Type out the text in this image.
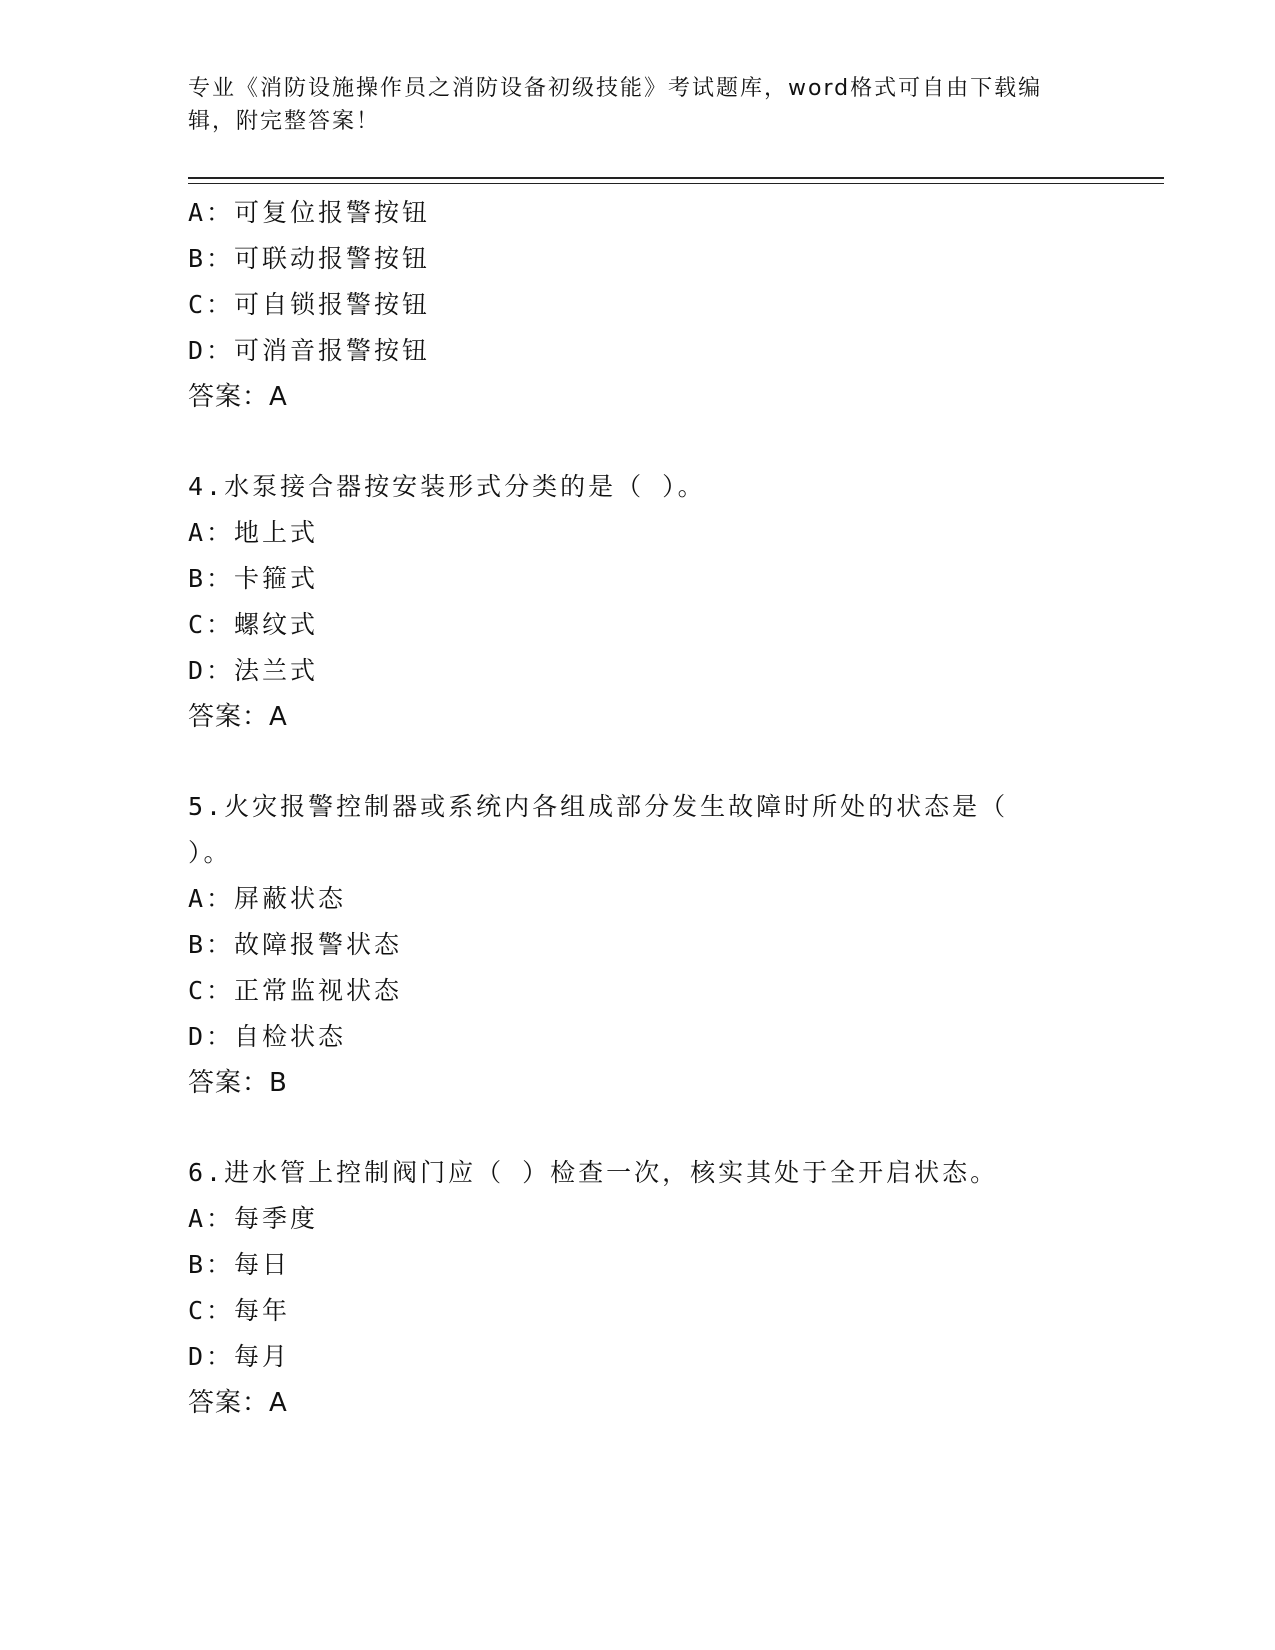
专业《消防设施操作员之消防设备初级技能》考试题库，word格式可自由下载编辑，附完整答案！
A：可复位报警按钮
B：可联动报警按钮
C：可自锁报警按钮
D：可消音报警按钮
答案：A
4.水泵接合器按安装形式分类的是（ ）。
A：地上式
B：卡箍式
C：螺纹式
D：法兰式
答案：A
5.火灾报警控制器或系统内各组成部分发生故障时所处的状态是（
）。
A：屏蔽状态
B：故障报警状态
C：正常监视状态
D：自检状态
答案：B
6.进水管上控制阀门应（ ）检查一次，核实其处于全开启状态。
A：每季度
B：每日
C：每年
D：每月
答案：A
